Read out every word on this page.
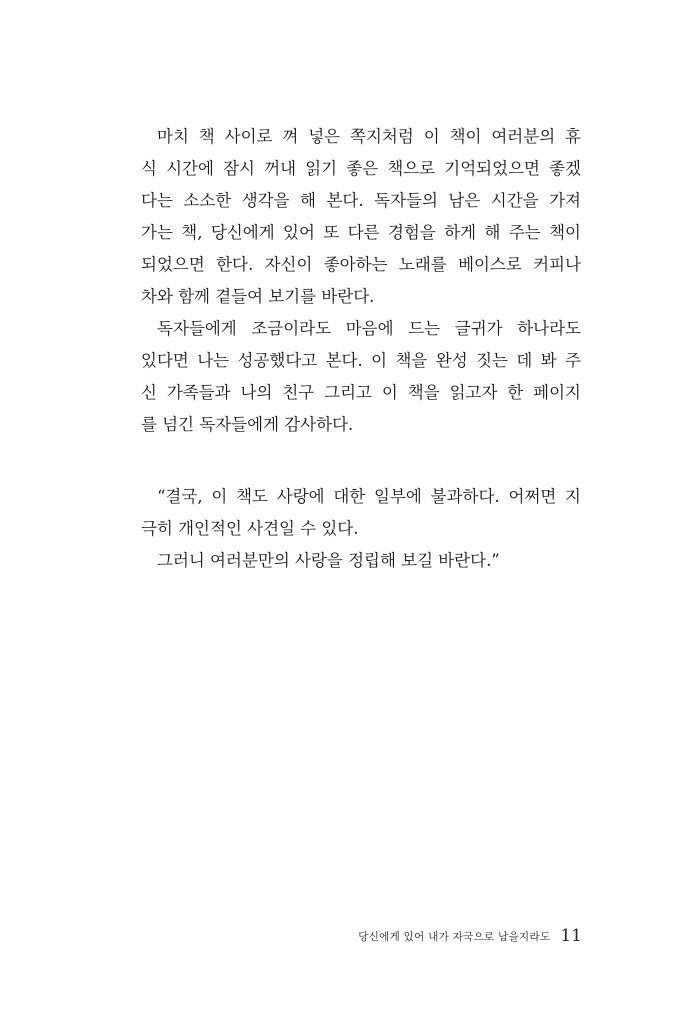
마치 책 사이로 껴 넣은 쪽지처럼 이 책이 여러분의 휴
식 시간에 잠시 꺼내 읽기 좋은 책으로 기억되었으면 좋겠
다는 소소한 생각을 해 본다. 독자들의 남은 시간을 가져
가는 책, 당신에게 있어 또 다른 경험을 하게 해 주는 책이
되었으면 한다. 자신이 좋아하는 노래를 베이스로 커피나
차와 함께 곁들여 보기를 바란다.
독자들에게 조금이라도 마음에 드는 글귀가 하나라도
있다면 나는 성공했다고 본다. 이 책을 완성 짓는 데 봐 주
신 가족들과 나의 친구 그리고 이 책을 읽고자 한 페이지
를 넘긴 독자들에게 감사하다.
“결국, 이 책도 사랑에 대한 일부에 불과하다. 어쩌면 지
극히 개인적인 사견일 수 있다.
그러니 여러분만의 사랑을 정립해 보길 바란다.”
당신에게 있어 내가 자국으로 남을지라도 11
